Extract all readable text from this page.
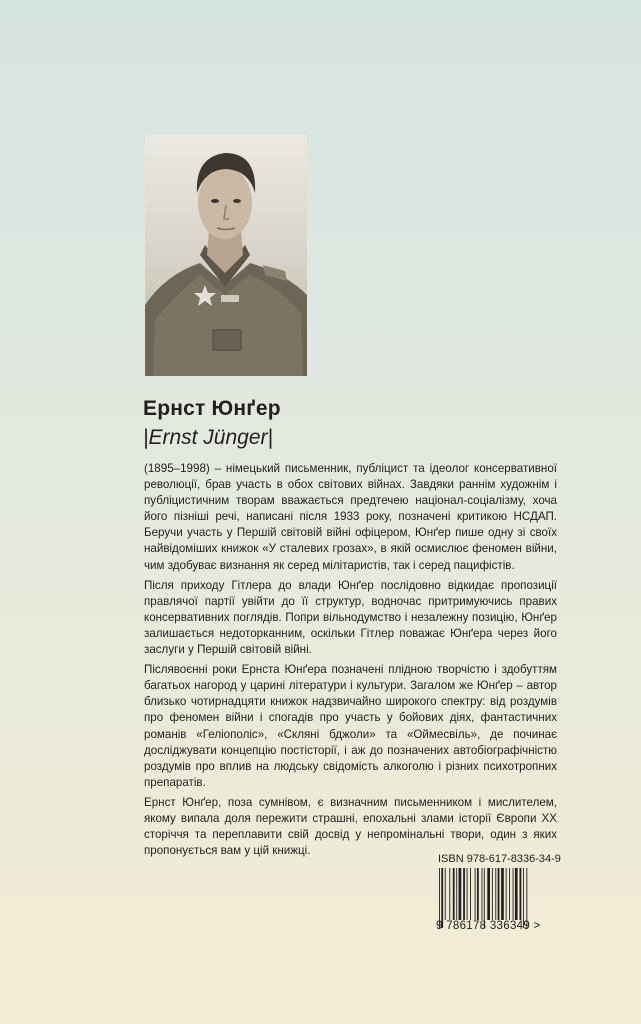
Ернст Юнґер
|Ernst Jünger|

(1895–1998) – німецький письменник, публіцист та ідеолог консервативної революції, брав участь в обох світових війнах. Завдяки раннім художнім і публіцистичним творам вважається предтечею націонал-соціалізму, хоча його пізніші речі, написані після 1933 року, позначені критикою НСДАП. Беручи участь у Першій світовій війні офіцером, Юнґер пише одну зі своїх найвідоміших книжок «У сталевих грозах», в якій осмислює феномен війни, чим здобуває визнання як серед мілітаристів, так і серед пацифістів.

Після приходу Гітлера до влади Юнґер послідовно відкидає пропозиції правлячої партії увійти до її структур, водночас притримуючись правих консервативних поглядів. Попри вільнодумство і незалежну позицію, Юнґер залишається недоторканним, оскільки Гітлер поважає Юнґера через його заслуги у Першій світовій війні.

Післявоєнні роки Ернста Юнґера позначені плідною творчістю і здобуттям багатьох нагород у царині літератури і культури. Загалом же Юнґер – автор близько чотирнадцяти книжок надзвичайно широкого спектру: від роздумів про феномен війни і спогадів про участь у бойових діях, фантастичних романів «Геліополіс», «Скляні бджоли» та «Оймесвіль», де починає досліджувати концепцію постісторії, і аж до позначених автобіографічністю роздумів про вплив на людську свідомість алкоголю і різних психотропних препаратів.

Ернст Юнґер, поза сумнівом, є визначним письменником і мислителем, якому випала доля пережити страшні, епохальні злами історії Європи ХХ сторіччя та переплавити свій досвід у непромінальні твори, один з яких пропонується вам у цій книжці.

ISBN 978-617-8336-34-9
9 786178 336349 >
